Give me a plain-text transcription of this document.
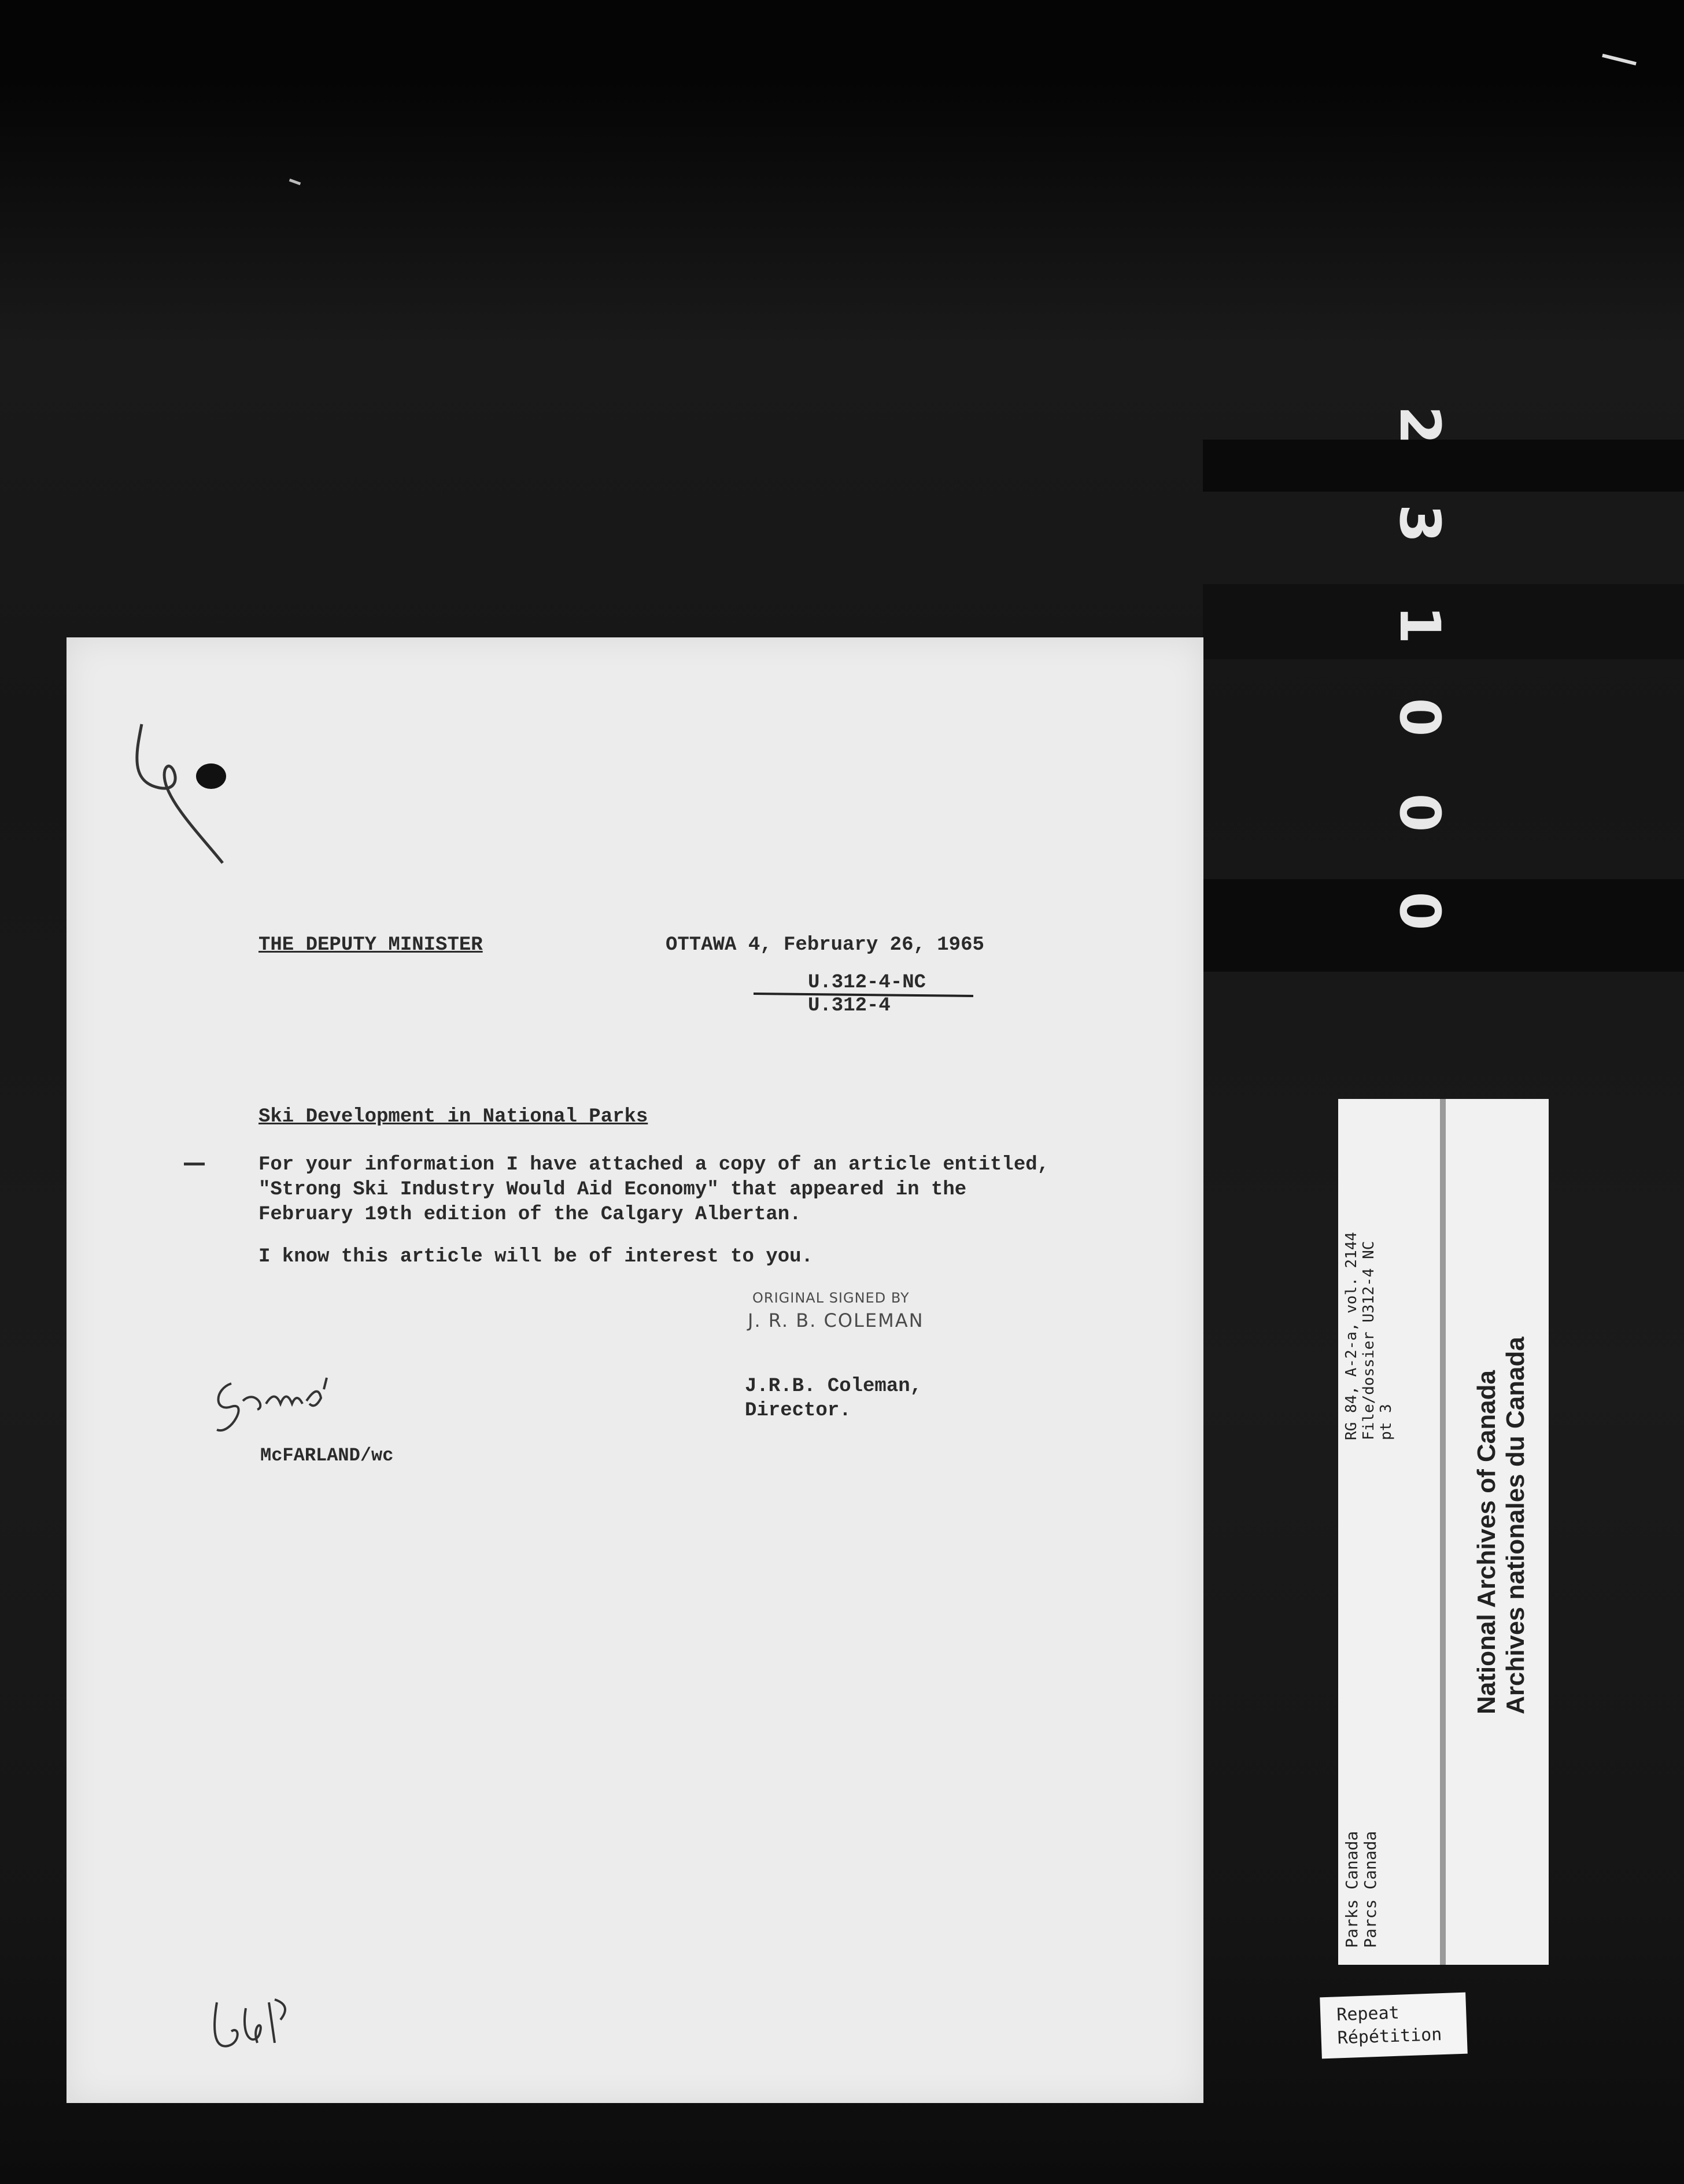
2
3
1
0
0
0
THE DEPUTY MINISTER	OTTAWA 4, February 26, 1965
U.312-4-NC
U.312-4
Ski Development in National Parks
For your information I have attached a copy of an article entitled,
"Strong Ski Industry Would Aid Economy" that appeared in the
February 19th edition of the Calgary Albertan.
I know this article will be of interest to you.
ORIGINAL SIGNED BY
J. R. B. COLEMAN
J.R.B. Coleman,
Director.
McFARLAND/wc
RG 84, A-2-a, vol. 2144 File/dossier U312-4 NC pt 3
Parks Canada Parcs Canada
National Archives of Canada Archives nationales du Canada
Repeat
Répétition
